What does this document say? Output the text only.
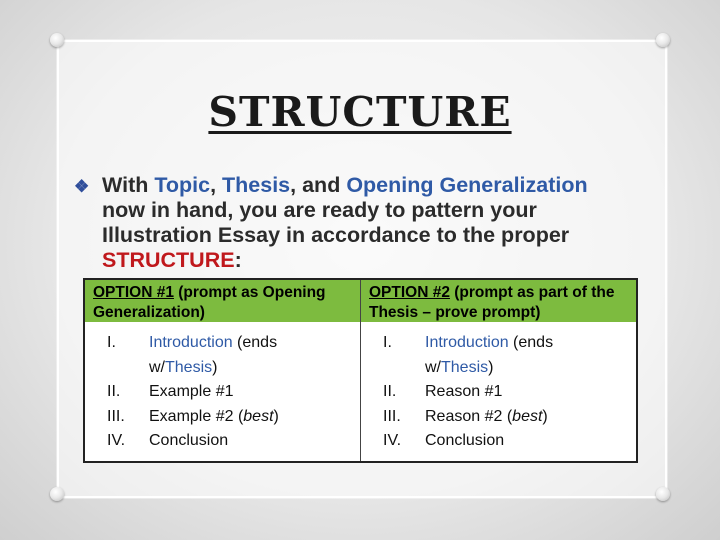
STRUCTURE
❖ With Topic, Thesis, and Opening Generalization now in hand, you are ready to pattern your Illustration Essay in accordance to the proper STRUCTURE:
OPTION #1 (prompt as Opening Generalization)
I.	Introduction (ends
w/Thesis)
II.	Example #1
III.	Example #2 (best)
IV.	Conclusion
OPTION #2 (prompt as part of the Thesis – prove prompt)
I.	Introduction (ends
w/Thesis)
II.	Reason #1
III.	Reason #2 (best)
IV.	Conclusion
